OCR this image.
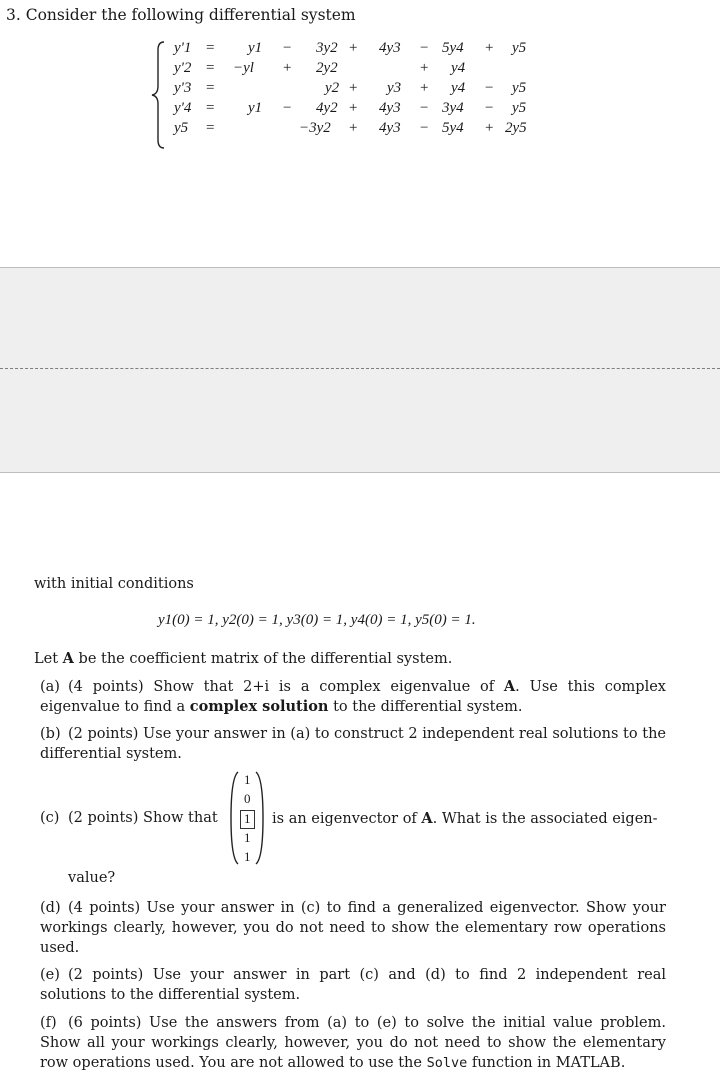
3. Consider the following differential system
y'1 = y1 − 3y2 + 4y3 − 5y4 + y5
y'2 = −yl + 2y2	+ y4
y'3 =	y2 + y3 + y4 − y5
y'4 = y1 − 4y2 + 4y3 − 3y4 − y5
y5 =	−3y2 + 4y3 − 5y4 + 2y5
with initial conditions
y1(0) = 1, y2(0) = 1, y3(0) = 1, y4(0) = 1, y5(0) = 1.
Let A be the coefficient matrix of the differential system.
(a) (4 points) Show that 2+i is a complex eigenvalue of A. Use this complex eigenvalue to find a complex solution to the differential system.
(b) (2 points) Use your answer in (a) to construct 2 independent real solutions to the differential system.
(c) (2 points) Show that
1
0
1
1
1
is an eigenvector of A. What is the associated eigen-
value?
(d) (4 points) Use your answer in (c) to find a generalized eigenvector. Show your workings clearly, however, you do not need to show the elementary row operations used.
(e) (2 points) Use your answer in part (c) and (d) to find 2 independent real solutions to the differential system.
(f) (6 points) Use the answers from (a) to (e) to solve the initial value problem. Show all your workings clearly, however, you do not need to show the elementary row operations used. You are not allowed to use the Solve function in MATLAB.
